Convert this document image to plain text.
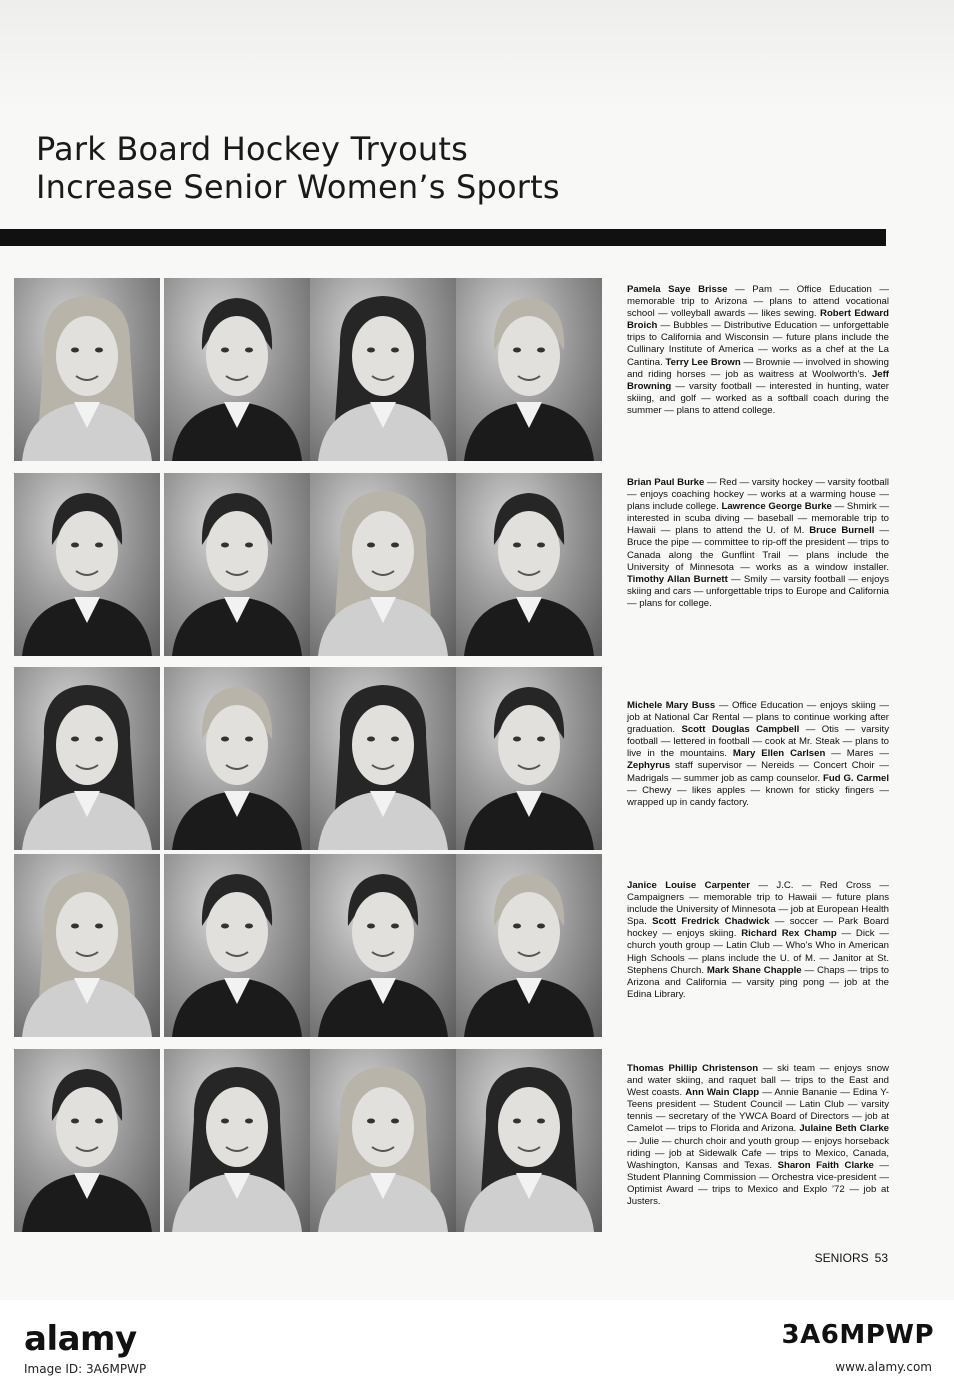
Park Board Hockey Tryouts
Increase Senior Women’s Sports
Pamela Saye Brisse — Pam — Office Education — memorable trip to Arizona — plans to attend vocational school — volleyball awards — likes sewing. Robert Edward Broich — Bubbles — Distributive Education — unforgettable trips to California and Wisconsin — future plans include the Cullinary Institute of America — works as a chef at the La Cantina. Terry Lee Brown — Brownie — involved in showing and riding horses — job as waitress at Woolworth’s. Jeff Browning — varsity football — interested in hunting, water skiing, and golf — worked as a softball coach during the summer — plans to attend college.
Brian Paul Burke — Red — varsity hockey — varsity football — enjoys coaching hockey — works at a warming house — plans include college. Lawrence George Burke — Shmirk — interested in scuba diving — baseball — memorable trip to Hawaii — plans to attend the U. of M. Bruce Burnell — Bruce the pipe — committee to rip-off the president — trips to Canada along the Gunflint Trail — plans include the University of Minnesota — works as a window installer. Timothy Allan Burnett — Smily — varsity football — enjoys skiing and cars — unforgettable trips to Europe and California — plans for college.
Michele Mary Buss — Office Education — enjoys skiing — job at National Car Rental — plans to continue working after graduation. Scott Douglas Campbell — Otis — varsity football — lettered in football — cook at Mr. Steak — plans to live in the mountains. Mary Ellen Carlsen — Mares — Zephyrus staff supervisor — Nereids — Concert Choir — Madrigals — summer job as camp counselor. Fud G. Carmel — Chewy — likes apples — known for sticky fingers — wrapped up in candy factory.
Janice Louise Carpenter — J.C. — Red Cross — Campaigners — memorable trip to Hawaii — future plans include the University of Minnesota — job at European Health Spa. Scott Fredrick Chadwick — soccer — Park Board hockey — enjoys skiing. Richard Rex Champ — Dick — church youth group — Latin Club — Who’s Who in American High Schools — plans include the U. of M. — Janitor at St. Stephens Church. Mark Shane Chapple — Chaps — trips to Arizona and California — varsity ping pong — job at the Edina Library.
Thomas Phillip Christenson — ski team — enjoys snow and water skiing, and raquet ball — trips to the East and West coasts. Ann Wain Clapp — Annie Bananie — Edina Y-Teens president — Student Council — Latin Club — varsity tennis — secretary of the YWCA Board of Directors — job at Camelot — trips to Florida and Arizona. Julaine Beth Clarke — Julie — church choir and youth group — enjoys horseback riding — job at Sidewalk Cafe — trips to Mexico, Canada, Washington, Kansas and Texas. Sharon Faith Clarke — Student Planning Commission — Orchestra vice-president — Optimist Award — trips to Mexico and Explo ’72 — job at Justers.
SENIORS 53
alamy
Image ID: 3A6MPWP
3A6MPWP
www.alamy.com
